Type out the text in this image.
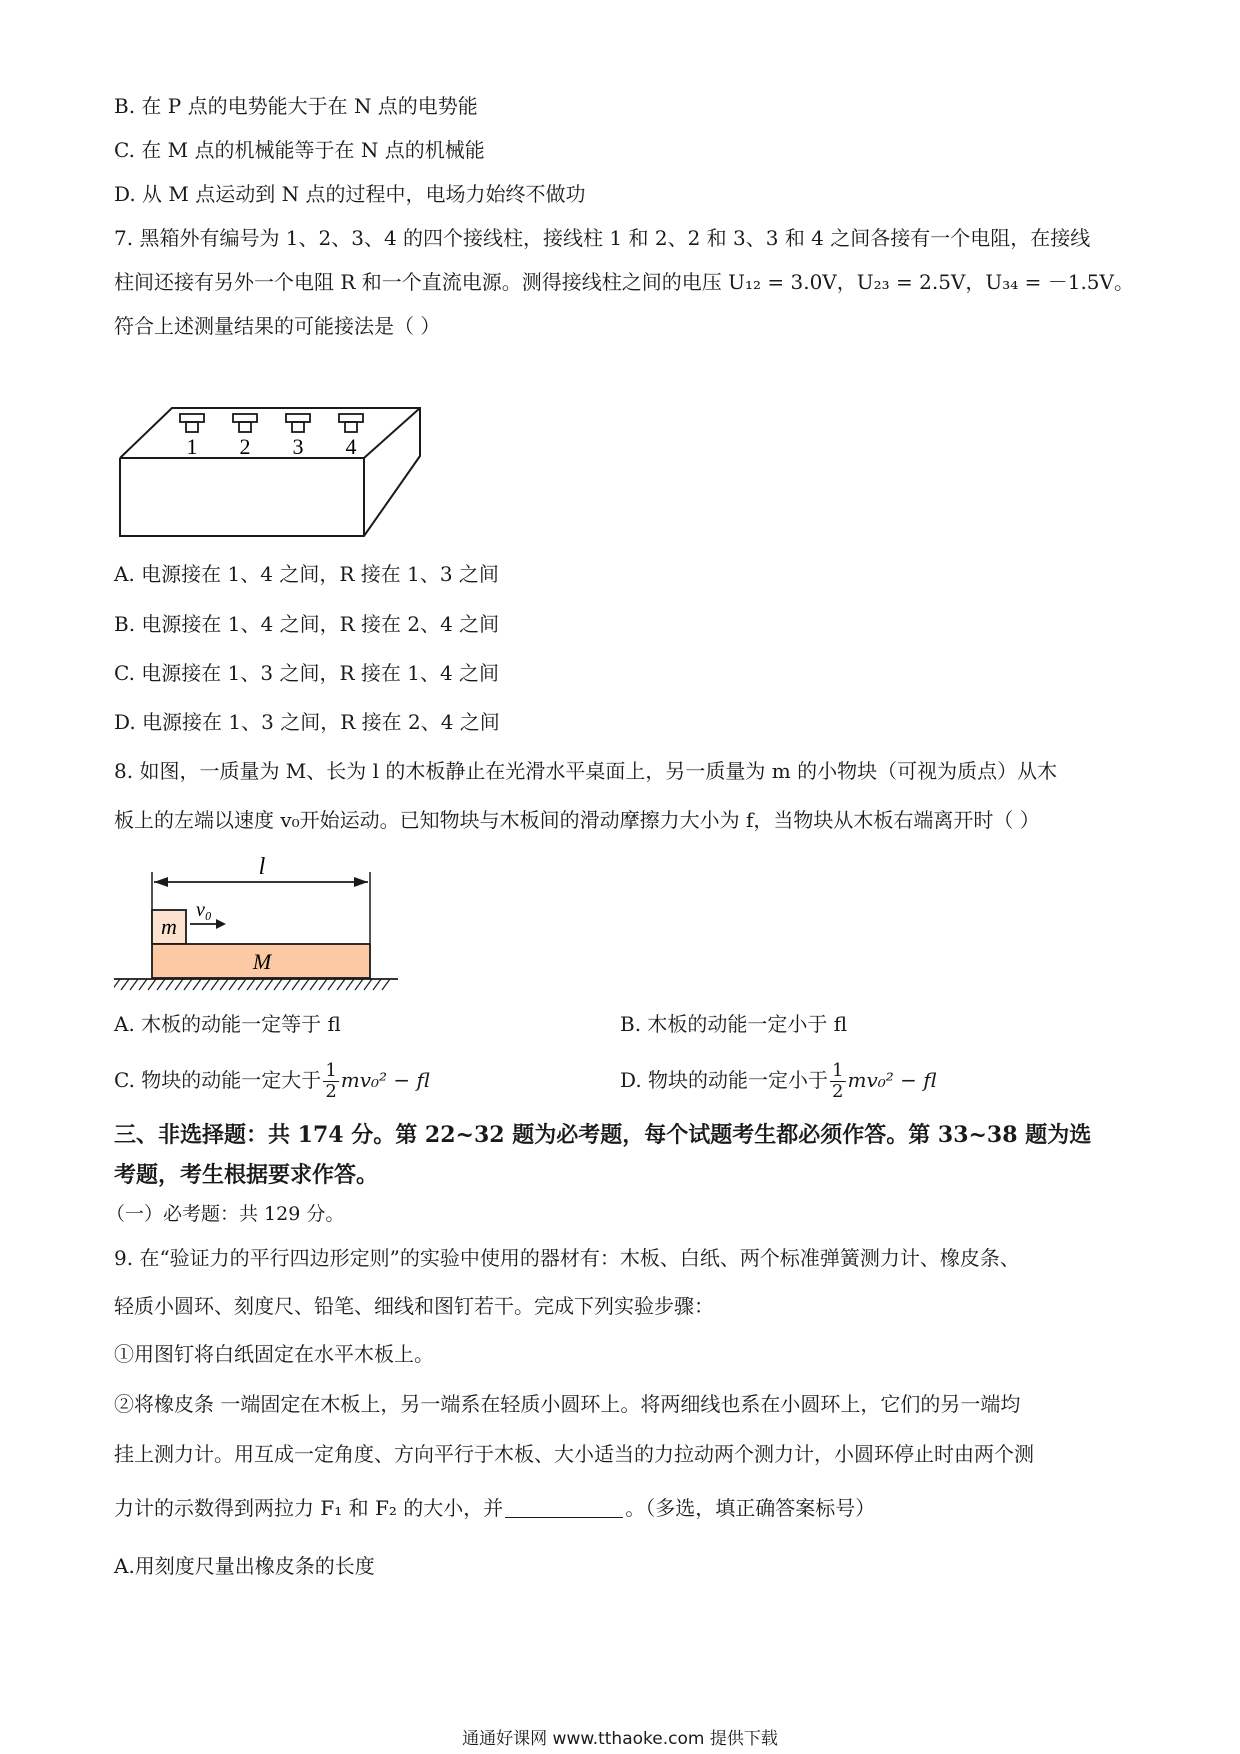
B. 在 P 点的电势能大于在 N 点的电势能
C. 在 M 点的机械能等于在 N 点的机械能
D. 从 M 点运动到 N 点的过程中，电场力始终不做功
7. 黑箱外有编号为 1、2、3、4 的四个接线柱，接线柱 1 和 2、2 和 3、3 和 4 之间各接有一个电阻，在接线
柱间还接有另外一个电阻 R 和一个直流电源。测得接线柱之间的电压 U₁₂ = 3.0V，U₂₃ = 2.5V，U₃₄ = －1.5V。
符合上述测量结果的可能接法是（ ）
1 2 3 4
A. 电源接在 1、4 之间，R 接在 1、3 之间
B. 电源接在 1、4 之间，R 接在 2、4 之间
C. 电源接在 1、3 之间，R 接在 1、4 之间
D. 电源接在 1、3 之间，R 接在 2、4 之间
8. 如图，一质量为 M、长为 l 的木板静止在光滑水平桌面上，另一质量为 m 的小物块（可视为质点）从木
板上的左端以速度 v₀开始运动。已知物块与木板间的滑动摩擦力大小为 f，当物块从木板右端离开时（ ）
l
m
v₀
M
A. 木板的动能一定等于 fl	B. 木板的动能一定小于 fl
C. 物块的动能一定大于 $\frac{1}{2} mv_0^2$ − fl	D. 物块的动能一定小于 $\frac{1}{2} mv_0^2$ − fl
三、非选择题：共 174 分。第 22~32 题为必考题，每个试题考生都必须作答。第 33~38 题为选
考题，考生根据要求作答。
（一）必考题：共 129 分。
9. 在“验证力的平行四边形定则”的实验中使用的器材有：木板、白纸、两个标准弹簧测力计、橡皮条、
轻质小圆环、刻度尺、铅笔、细线和图钉若干。完成下列实验步骤：
①用图钉将白纸固定在水平木板上。
②将橡皮条 一端固定在木板上，另一端系在轻质小圆环上。将两细线也系在小圆环上，它们的另一端均
挂上测力计。用互成一定角度、方向平行于木板、大小适当的力拉动两个测力计，小圆环停止时由两个测
力计的示数得到两拉力 F₁ 和 F₂ 的大小，并	。（多选，填正确答案标号）
A.用刻度尺量出橡皮条的长度
通通好课网 www.tthaoke.com 提供下载
